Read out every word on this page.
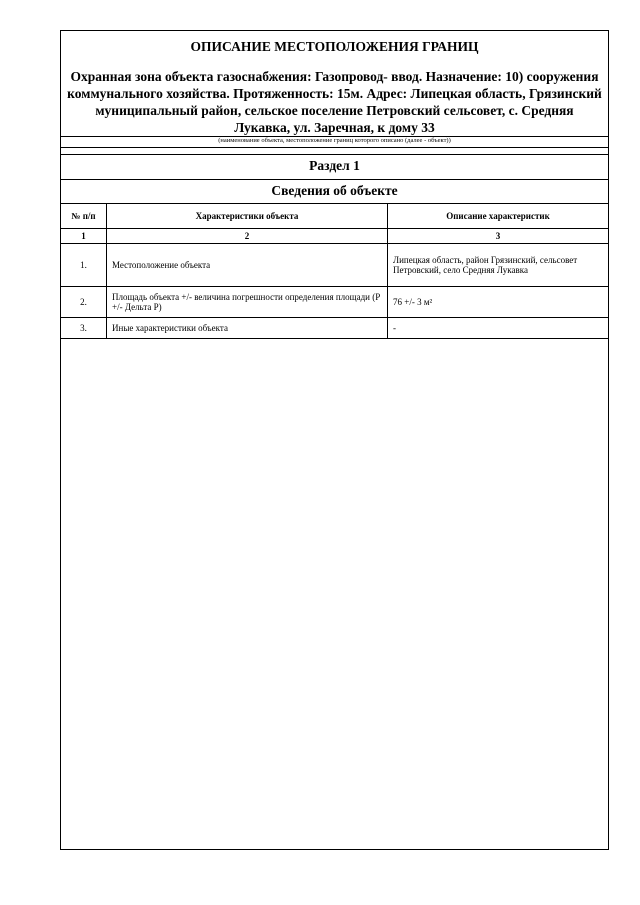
ОПИСАНИЕ МЕСТОПОЛОЖЕНИЯ ГРАНИЦ
Охранная зона объекта газоснабжения: Газопровод- ввод. Назначение: 10) сооружения коммунального хозяйства. Протяженность: 15м. Адрес: Липецкая область, Грязинский муниципальный район, сельское поселение Петровский сельсовет, с. Средняя Лукавка, ул. Заречная, к дому 33
(наименование объекта, местоположение границ которого описано (далее - объект))
Раздел 1
Сведения об объекте
№ п/п	Характеристики объекта	Описание характеристик
1	2	3
1.	Местоположение объекта	Липецкая область, район Грязинский, сельсовет Петровский, село Средняя Лукавка
2.	Площадь объекта +/- величина погрешности определения площади (Р +/- Дельта Р)	76 +/- 3 м²
3.	Иные характеристики объекта	-
